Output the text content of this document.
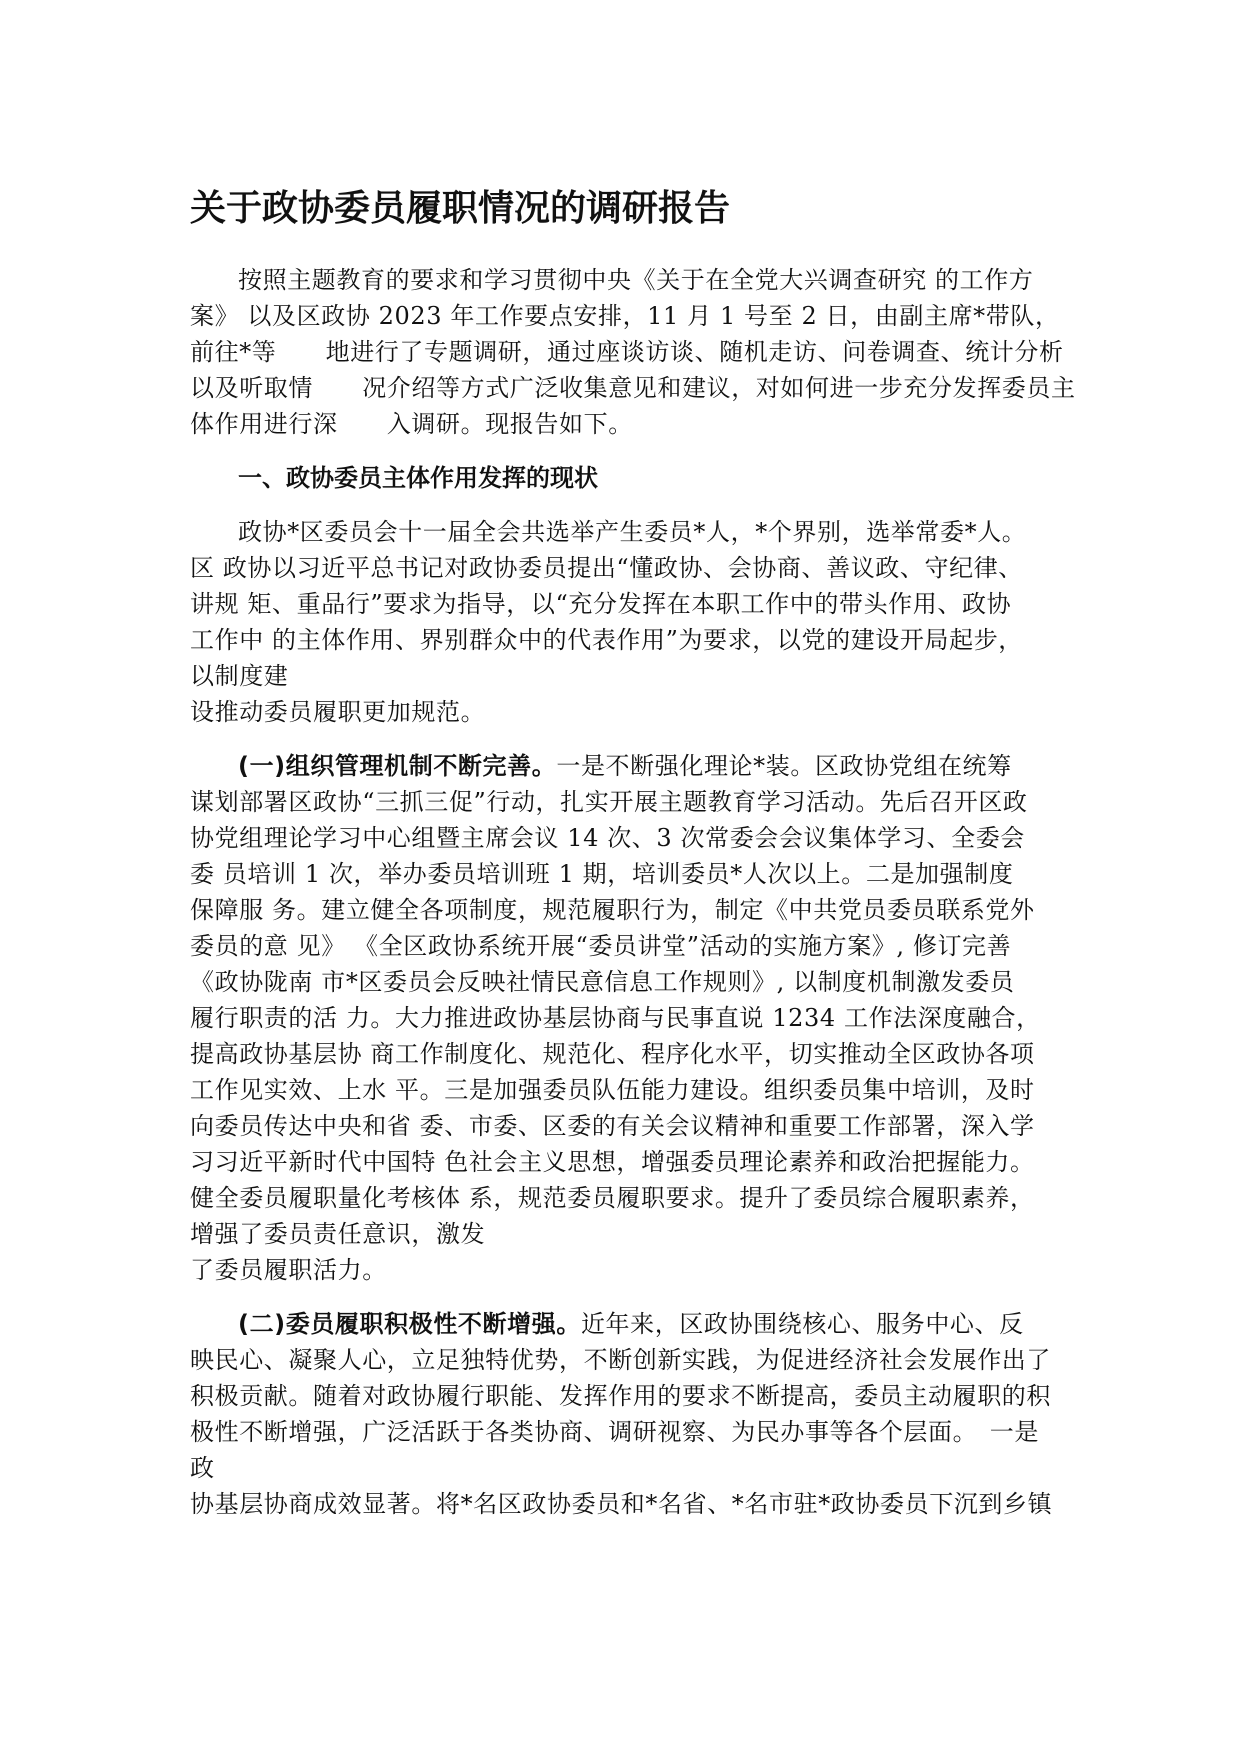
关于政协委员履职情况的调研报告
按照主题教育的要求和学习贯彻中央《关于在全党大兴调查研究 的工作方
案》 以及区政协 2023 年工作要点安排，11 月 1 号至 2 日，由副主席*带队，
前往*等　　地进行了专题调研，通过座谈访谈、随机走访、问卷调查、统计分析
以及听取情　　况介绍等方式广泛收集意见和建议，对如何进一步充分发挥委员主
体作用进行深　　入调研。现报告如下。
一、政协委员主体作用发挥的现状
政协*区委员会十一届全会共选举产生委员*人，*个界别，选举常委*人。
区 政协以习近平总书记对政协委员提出“懂政协、会协商、善议政、守纪律、
讲规 矩、重品行”要求为指导，以“充分发挥在本职工作中的带头作用、政协
工作中 的主体作用、界别群众中的代表作用”为要求，以党的建设开局起步，
以制度建
设推动委员履职更加规范。
(一)组织管理机制不断完善。一是不断强化理论*装。区政协党组在统筹
谋划部署区政协“三抓三促”行动，扎实开展主题教育学习活动。先后召开区政
协党组理论学习中心组暨主席会议 14 次、3 次常委会会议集体学习、全委会
委 员培训 1 次，举办委员培训班 1 期，培训委员*人次以上。二是加强制度
保障服 务。建立健全各项制度，规范履职行为，制定《中共党员委员联系党外
委员的意 见》 《全区政协系统开展“委员讲堂”活动的实施方案》, 修订完善
《政协陇南 市*区委员会反映社情民意信息工作规则》, 以制度机制激发委员
履行职责的活 力。大力推进政协基层协商与民事直说 1234 工作法深度融合，
提高政协基层协 商工作制度化、规范化、程序化水平，切实推动全区政协各项
工作见实效、上水 平。三是加强委员队伍能力建设。组织委员集中培训，及时
向委员传达中央和省 委、市委、区委的有关会议精神和重要工作部署，深入学
习习近平新时代中国特 色社会主义思想，增强委员理论素养和政治把握能力。
健全委员履职量化考核体 系，规范委员履职要求。提升了委员综合履职素养，
增强了委员责任意识，激发
了委员履职活力。
(二)委员履职积极性不断增强。近年来，区政协围绕核心、服务中心、反
映民心、凝聚人心，立足独特优势，不断创新实践，为促进经济社会发展作出了
积极贡献。随着对政协履行职能、发挥作用的要求不断提高，委员主动履职的积
极性不断增强，广泛活跃于各类协商、调研视察、为民办事等各个层面。　一是
政
协基层协商成效显著。将*名区政协委员和*名省、*名市驻*政协委员下沉到乡镇
